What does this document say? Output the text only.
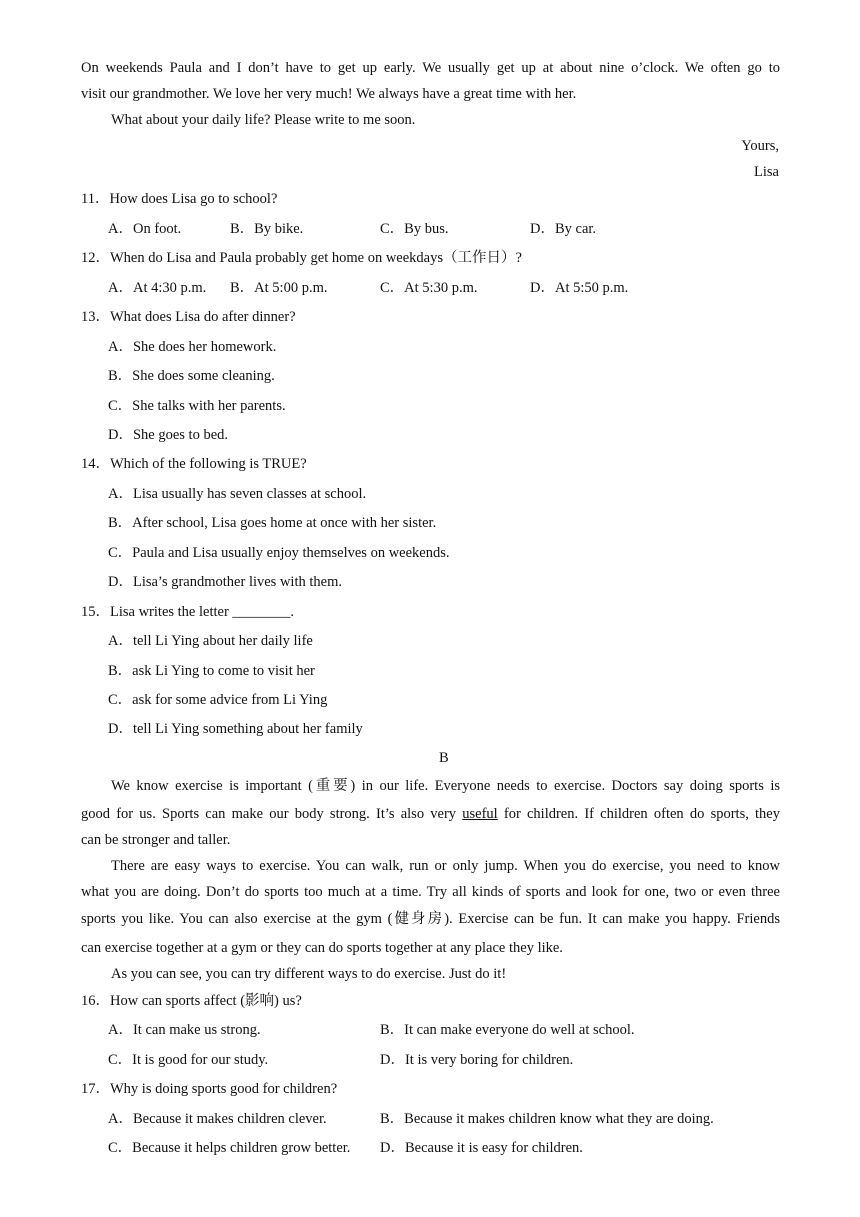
On weekends Paula and I don’t have to get up early. We usually get up at about nine o’clock. We often go to
visit our grandmother. We love her very much! We always have a great time with her.
What about your daily life? Please write to me soon.
Yours,
Lisa
11．How does Lisa go to school?
A．On foot.	B．By bike.	C．By bus.	D．By car.
12．When do Lisa and Paula probably get home on weekdays（工作日）?
A．At 4:30 p.m. B．At 5:00 p.m.	C．At 5:30 p.m.	D．At 5:50 p.m.
13．What does Lisa do after dinner?
A．She does her homework.
B．She does some cleaning.
C．She talks with her parents.
D．She goes to bed.
14．Which of the following is TRUE?
A．Lisa usually has seven classes at school.
B．After school, Lisa goes home at once with her sister.
C．Paula and Lisa usually enjoy themselves on weekends.
D．Lisa’s grandmother lives with them.
15．Lisa writes the letter ________.
A．tell Li Ying about her daily life
B．ask Li Ying to come to visit her
C．ask for some advice from Li Ying
D．tell Li Ying something about her family
B
We know exercise is important (重要) in our life. Everyone needs to exercise. Doctors say doing sports is
good for us. Sports can make our body strong. It’s also very useful for children. If children often do sports, they
can be stronger and taller.
There are easy ways to exercise. You can walk, run or only jump. When you do exercise, you need to know
what you are doing. Don’t do sports too much at a time. Try all kinds of sports and look for one, two or even three
sports you like. You can also exercise at the gym (健身房). Exercise can be fun. It can make you happy. Friends
can exercise together at a gym or they can do sports together at any place they like.
As you can see, you can try different ways to do exercise. Just do it!
16．How can sports affect (影响) us?
A．It can make us strong.	B．It can make everyone do well at school.
C．It is good for our study.	D．It is very boring for children.
17．Why is doing sports good for children?
A．Because it makes children clever.	B．Because it makes children know what they are doing.
C．Because it helps children grow better. D．Because it is easy for children.
